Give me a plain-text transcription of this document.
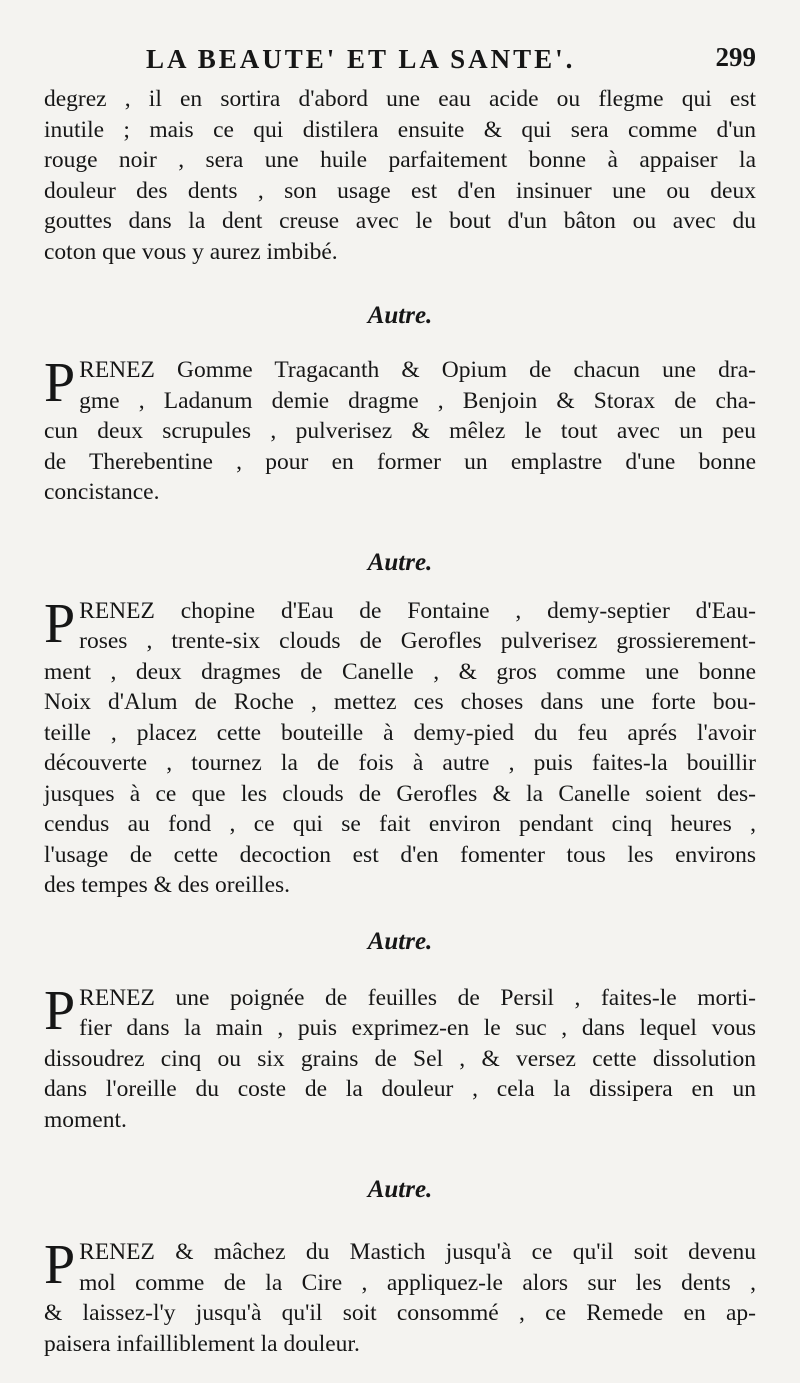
LA BEAUTE' ET LA SANTE'.	299
degrez , il en sortira d'abord une eau acide ou flegme qui est
inutile ; mais ce qui distilera ensuite & qui sera comme d'un
rouge noir , sera une huile parfaitement bonne à appaiser la
douleur des dents , son usage est d'en insinuer une ou deux
gouttes dans la dent creuse avec le bout d'un bâton ou avec du
coton que vous y aurez imbibé.
Autre.
P RENEZ Gomme Tragacanth & Opium de chacun une dra-
gme , Ladanum demie dragme , Benjoin & Storax de cha-
cun deux scrupules , pulverisez & mêlez le tout avec un peu
de Therebentine , pour en former un emplastre d'une bonne
concistance.
Autre.
P RENEZ chopine d'Eau de Fontaine , demy-septier d'Eau-
roses , trente-six clouds de Gerofles pulverisez grossierement-
ment , deux dragmes de Canelle , & gros comme une bonne
Noix d'Alum de Roche , mettez ces choses dans une forte bou-
teille , placez cette bouteille à demy-pied du feu aprés l'avoir
découverte , tournez la de fois à autre , puis faites-la bouillir
jusques à ce que les clouds de Gerofles & la Canelle soient des-
cendus au fond , ce qui se fait environ pendant cinq heures ,
l'usage de cette decoction est d'en fomenter tous les environs
des tempes & des oreilles.
Autre.
P RENEZ une poignée de feuilles de Persil , faites-le morti-
fier dans la main , puis exprimez-en le suc , dans lequel vous
dissoudrez cinq ou six grains de Sel , & versez cette dissolution
dans l'oreille du coste de la douleur , cela la dissipera en un
moment.
Autre.
P RENEZ & mâchez du Mastich jusqu'à ce qu'il soit devenu
mol comme de la Cire , appliquez-le alors sur les dents ,
& laissez-l'y jusqu'à qu'il soit consommé , ce Remede en ap-
paisera infailliblement la douleur.
